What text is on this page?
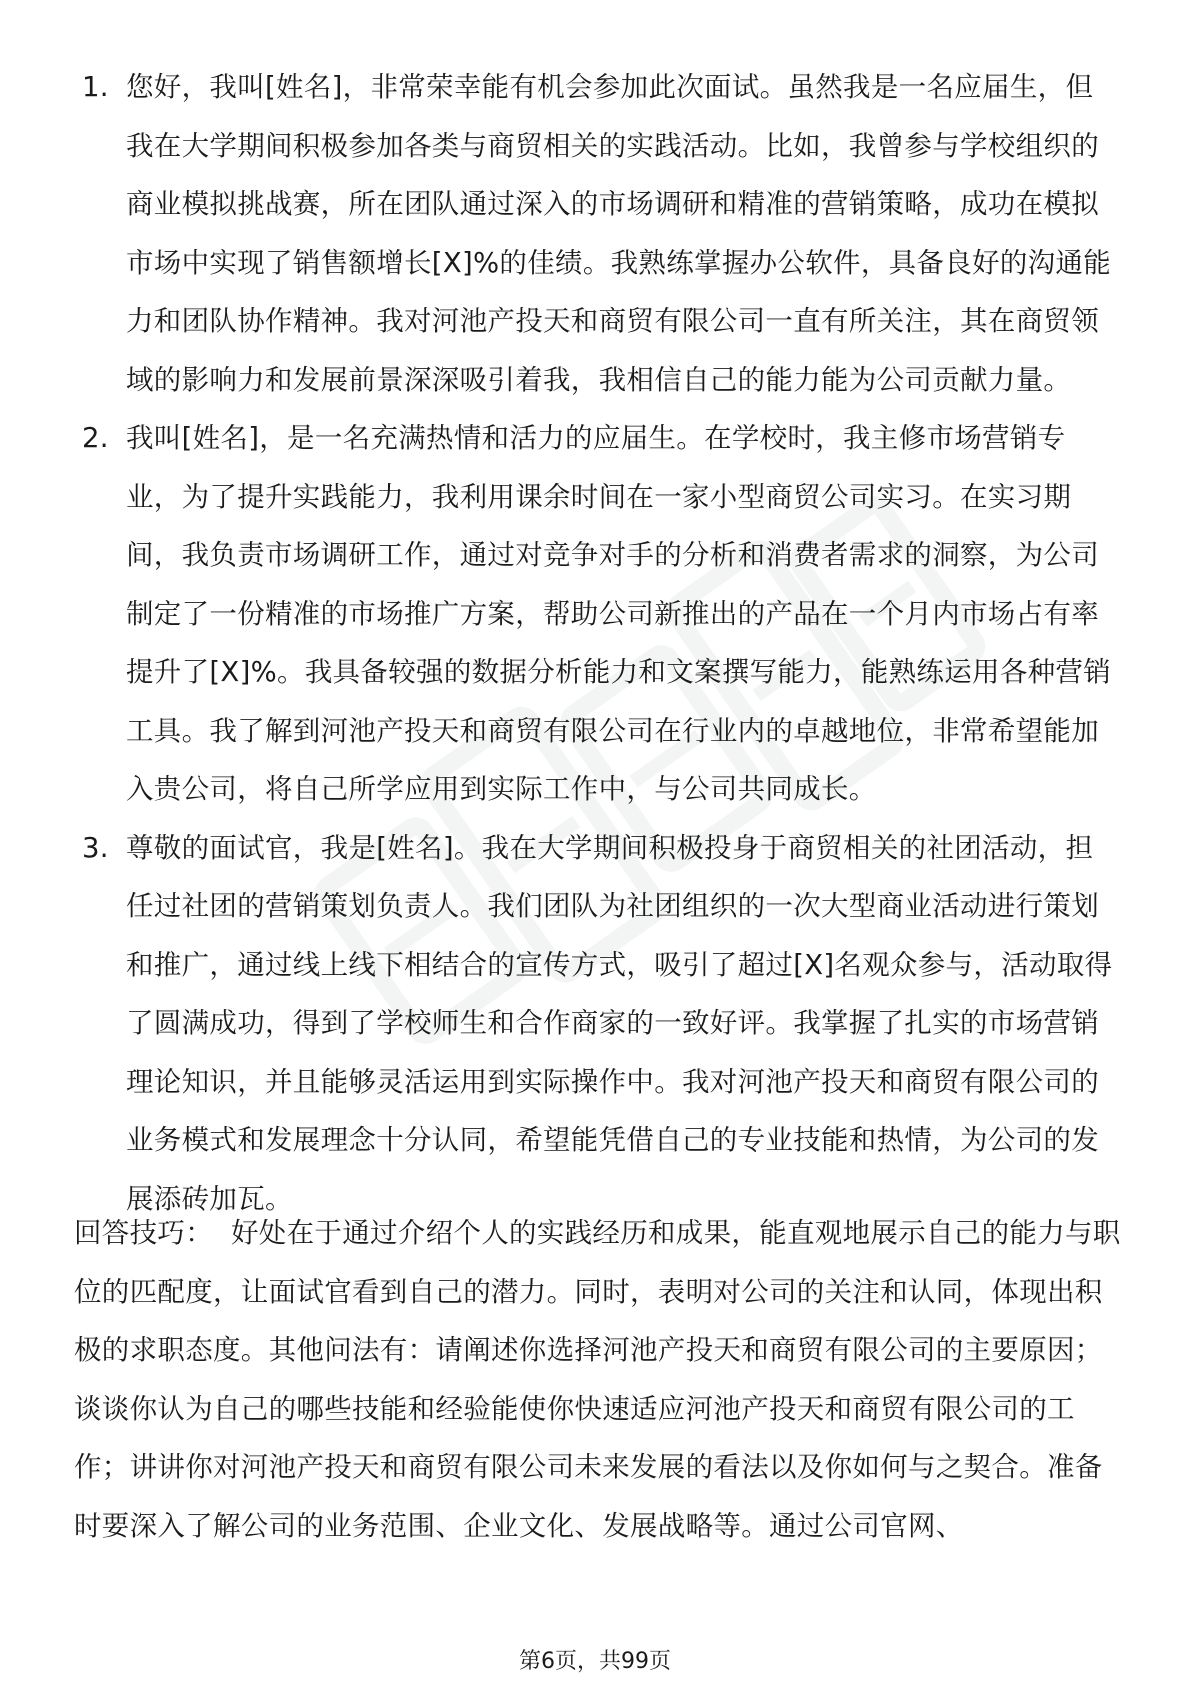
1. 您好，我叫[姓名]，非常荣幸能有机会参加此次面试。虽然我是一名应届生，但我在大学期间积极参加各类与商贸相关的实践活动。比如，我曾参与学校组织的商业模拟挑战赛，所在团队通过深入的市场调研和精准的营销策略，成功在模拟市场中实现了销售额增长[X]%的佳绩。我熟练掌握办公软件，具备良好的沟通能力和团队协作精神。我对河池产投天和商贸有限公司一直有所关注，其在商贸领域的影响力和发展前景深深吸引着我，我相信自己的能力能为公司贡献力量。
2. 我叫[姓名]，是一名充满热情和活力的应届生。在学校时，我主修市场营销专业，为了提升实践能力，我利用课余时间在一家小型商贸公司实习。在实习期间，我负责市场调研工作，通过对竞争对手的分析和消费者需求的洞察，为公司制定了一份精准的市场推广方案，帮助公司新推出的产品在一个月内市场占有率提升了[X]%。我具备较强的数据分析能力和文案撰写能力，能熟练运用各种营销工具。我了解到河池产投天和商贸有限公司在行业内的卓越地位，非常希望能加入贵公司，将自己所学应用到实际工作中，与公司共同成长。
3. 尊敬的面试官，我是[姓名]。我在大学期间积极投身于商贸相关的社团活动，担任过社团的营销策划负责人。我们团队为社团组织的一次大型商业活动进行策划和推广，通过线上线下相结合的宣传方式，吸引了超过[X]名观众参与，活动取得了圆满成功，得到了学校师生和合作商家的一致好评。我掌握了扎实的市场营销理论知识，并且能够灵活运用到实际操作中。我对河池产投天和商贸有限公司的业务模式和发展理念十分认同，希望能凭借自己的专业技能和热情，为公司的发展添砖加瓦。

回答技巧： 好处在于通过介绍个人的实践经历和成果，能直观地展示自己的能力与职位的匹配度，让面试官看到自己的潜力。同时，表明对公司的关注和认同，体现出积极的求职态度。其他问法有：请阐述你选择河池产投天和商贸有限公司的主要原因；谈谈你认为自己的哪些技能和经验能使你快速适应河池产投天和商贸有限公司的工作；讲讲你对河池产投天和商贸有限公司未来发展的看法以及你如何与之契合。准备时要深入了解公司的业务范围、企业文化、发展战略等。通过公司官网、

第6页，共99页
